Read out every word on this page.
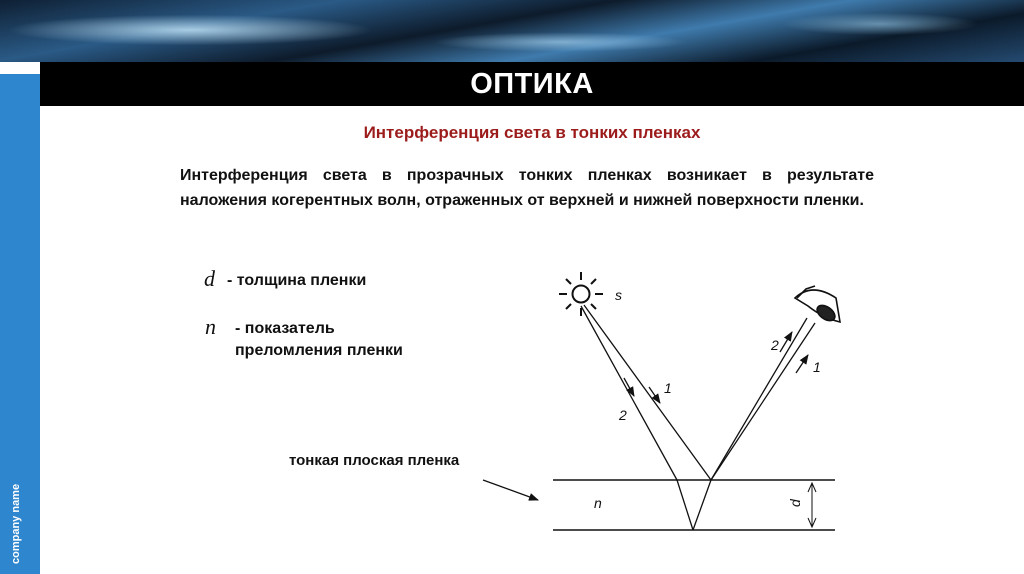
ОПТИКА
company name
Интерференция света в тонких пленках
Интерференция света в прозрачных тонких пленках возникает в результате наложения когерентных волн, отраженных от верхней и нижней поверхности пленки.
d - толщина пленки
n - показатель
преломления пленки
тонкая плоская пленка
s
n	d
1
2
2
1
